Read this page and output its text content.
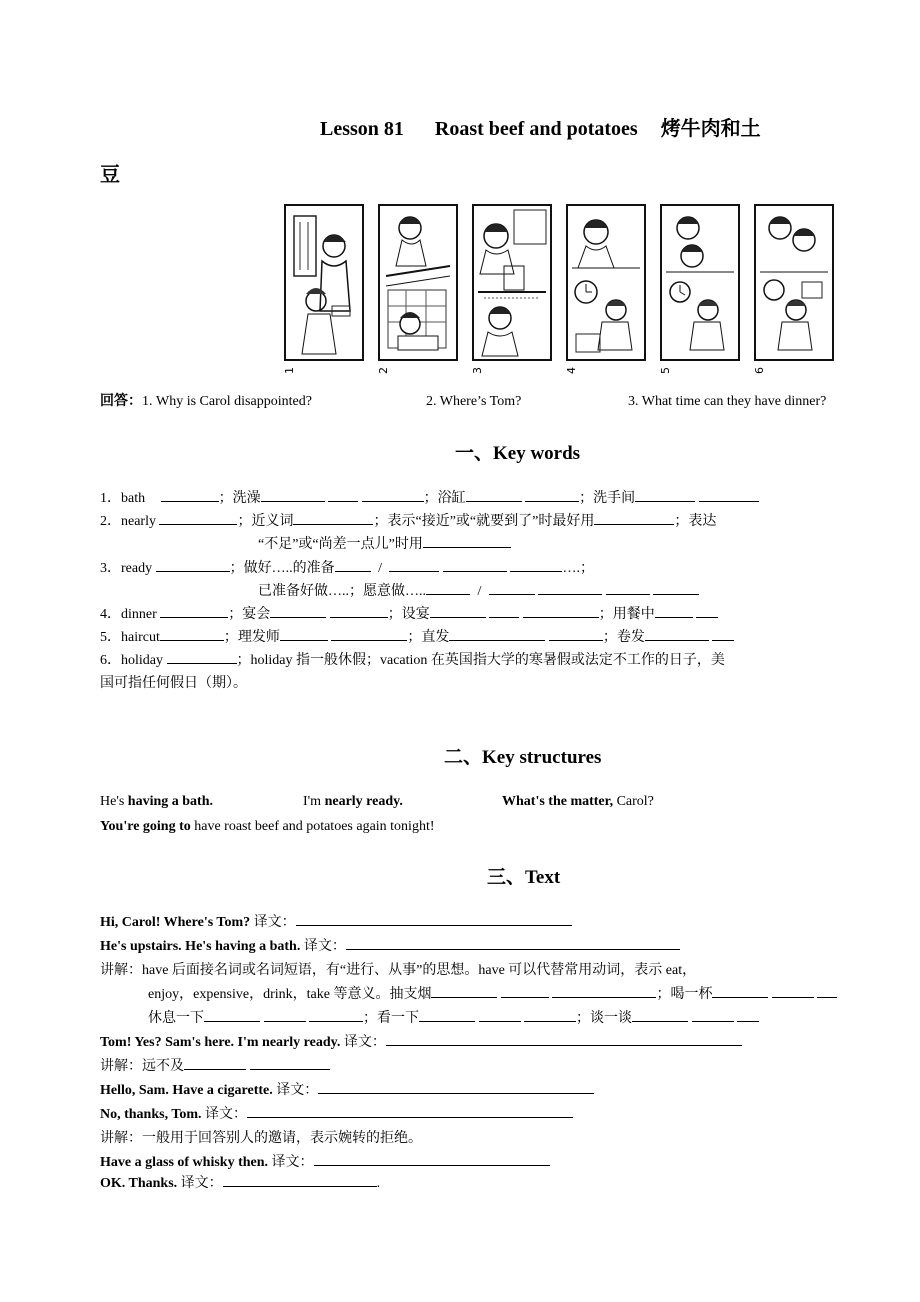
Lesson 81 Roast beef and potatoes 烤牛肉和土
豆
1	2	3	4	5	6
回答：1. Why is Carol disappointed?	2. Where’s Tom?	3. What time can they have dinner?
一、Key words
1．bath	；洗澡	；浴缸	；洗手间
2．nearly	；近义词	；表示“接近”或“就要到了”时最好用	；表达
“不足”或“尚差一点儿”时用
3．ready	；做好…..的准备	/	….；
已准备好做…..；愿意做…..	/
4．dinner	；宴会	；设宴	；用餐中
5．haircut	；理发师	；直发	；卷发
6．holiday	；holiday 指一般休假；vacation 在英国指大学的寒暑假或法定不工作的日子，美
国可指任何假日（期）。
二、Key structures
He's having a bath.	I'm nearly ready.	What's the matter, Carol?
You're going to have roast beef and potatoes again tonight!
三、Text
Hi, Carol! Where's Tom? 译文：
He's upstairs. He's having a bath. 译文：
讲解：have 后面接名词或名词短语，有“进行、从事”的思想。have 可以代替常用动词，表示 eat，
enjoy，expensive，drink，take 等意义。抽支烟	；喝一杯
休息一下	；看一下	；谈一谈
Tom! Yes? Sam's here. I'm nearly ready. 译文：
讲解：远不及
Hello, Sam. Have a cigarette. 译文：
No, thanks, Tom. 译文：
讲解：一般用于回答别人的邀请，表示婉转的拒绝。
Have a glass of whisky then. 译文：
OK. Thanks. 译文：	.
